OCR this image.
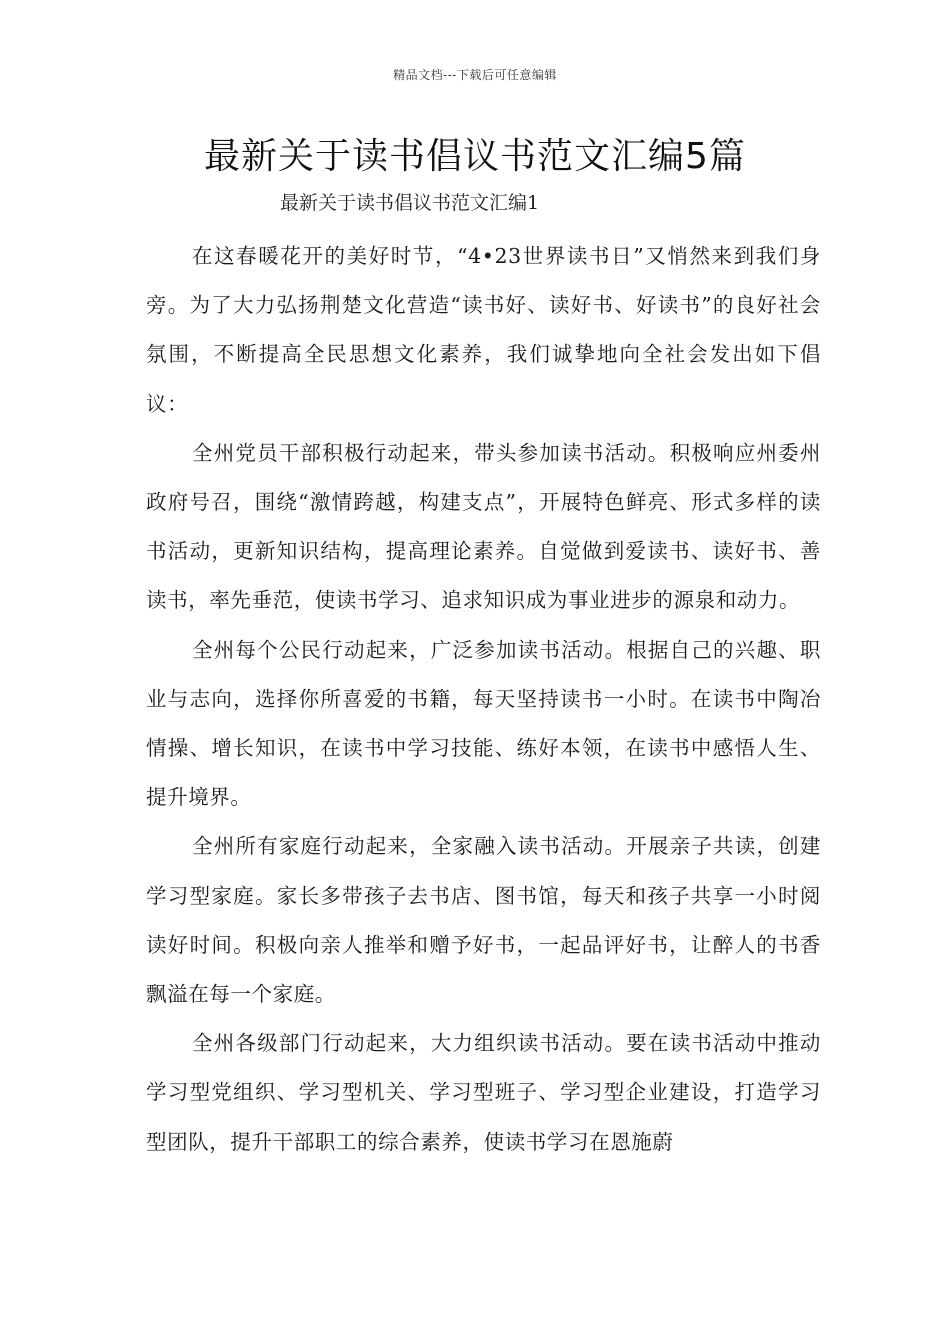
精品文档---下载后可任意编辑
最新关于读书倡议书范文汇编5篇

最新关于读书倡议书范文汇编1

在这春暖花开的美好时节，“4•23世界读书日”又悄然来到我们身旁。为了大力弘扬荆楚文化营造“读书好、读好书、好读书”的良好社会氛围，不断提高全民思想文化素养，我们诚挚地向全社会发出如下倡议：

全州党员干部积极行动起来，带头参加读书活动。积极响应州委州政府号召，围绕“激情跨越，构建支点”，开展特色鲜亮、形式多样的读书活动，更新知识结构，提高理论素养。自觉做到爱读书、读好书、善读书，率先垂范，使读书学习、追求知识成为事业进步的源泉和动力。

全州每个公民行动起来，广泛参加读书活动。根据自己的兴趣、职业与志向，选择你所喜爱的书籍，每天坚持读书一小时。在读书中陶冶情操、增长知识，在读书中学习技能、练好本领，在读书中感悟人生、提升境界。

全州所有家庭行动起来，全家融入读书活动。开展亲子共读，创建学习型家庭。家长多带孩子去书店、图书馆，每天和孩子共享一小时阅读好时间。积极向亲人推举和赠予好书，一起品评好书，让醉人的书香飘溢在每一个家庭。

全州各级部门行动起来，大力组织读书活动。要在读书活动中推动学习型党组织、学习型机关、学习型班子、学习型企业建设，打造学习型团队，提升干部职工的综合素养，使读书学习在恩施蔚
